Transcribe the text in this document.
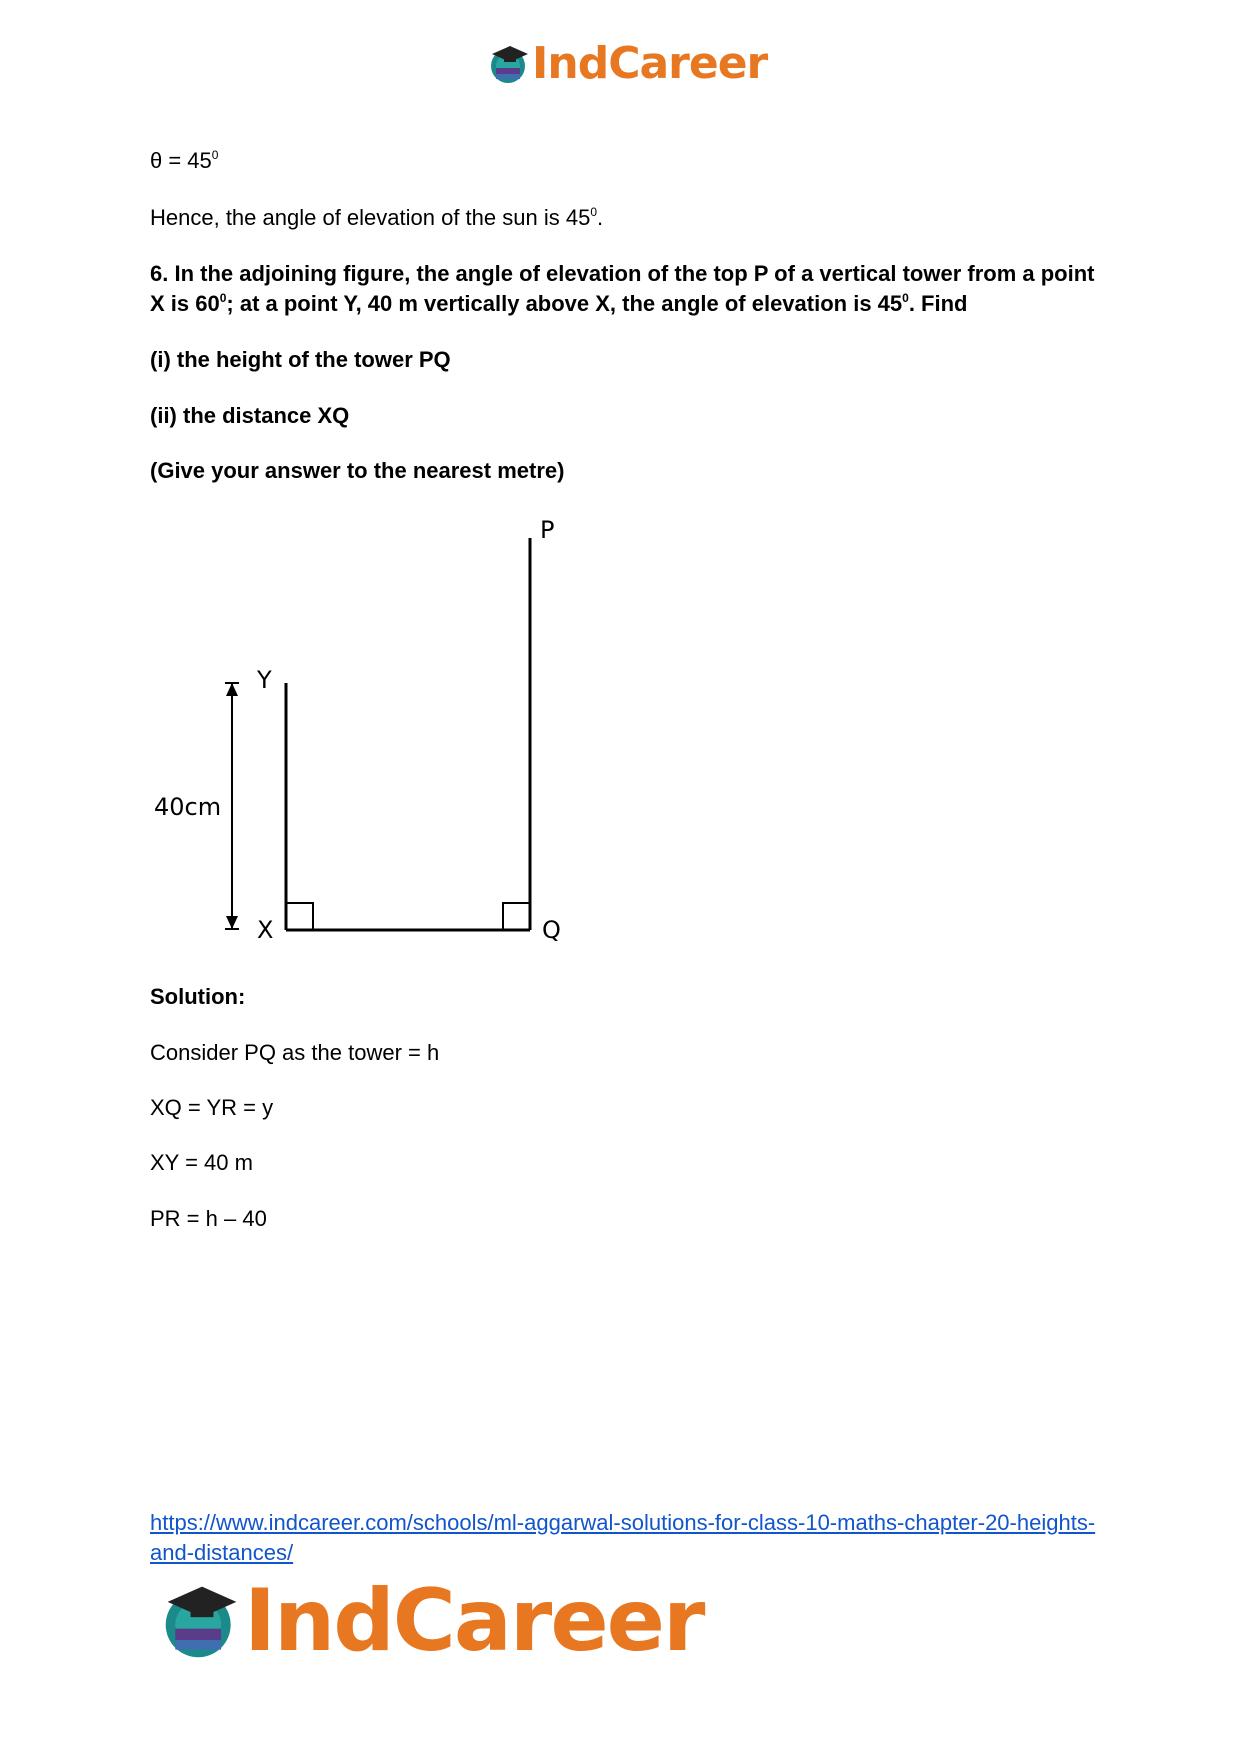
IndCareer

$\theta = 45^0$

Hence, the angle of elevation of the sun is $45^0$.

6. In the adjoining figure, the angle of elevation of the top P of a vertical tower from a point X is $60^0$; at a point Y, 40 m vertically above X, the angle of elevation is $45^0$. Find

(i) the height of the tower PQ

(ii) the distance XQ

(Give your answer to the nearest metre)

P
Y
X	Q
40cm

Solution:

Consider PQ as the tower = h

XQ = YR = y

XY = 40 m

PR = h – 40

https://www.indcareer.com/schools/ml-aggarwal-solutions-for-class-10-maths-chapter-20-heights-and-distances/
IndCareer
